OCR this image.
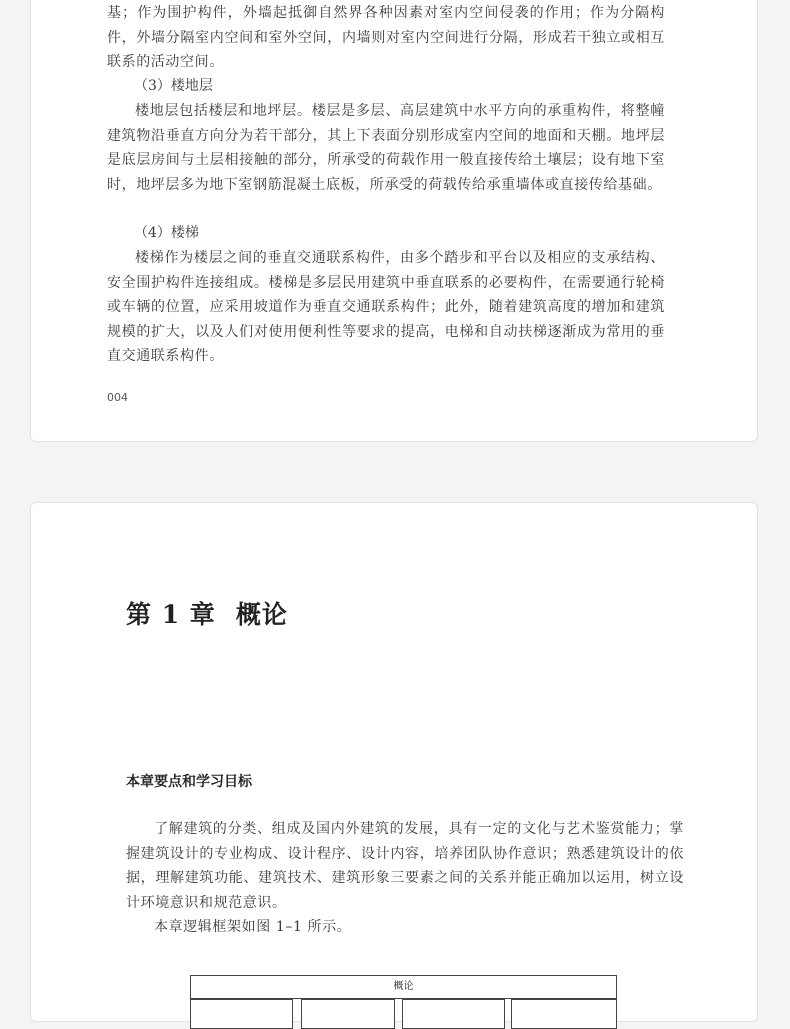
基；作为围护构件，外墙起抵御自然界各种因素对室内空间侵袭的作用；作为分隔构件，外墙分隔室内空间和室外空间，内墙则对室内空间进行分隔，形成若干独立或相互联系的活动空间。

（3）楼地层

楼地层包括楼层和地坪层。楼层是多层、高层建筑中水平方向的承重构件，将整幢建筑物沿垂直方向分为若干部分，其上下表面分别形成室内空间的地面和天棚。地坪层是底层房间与土层相接触的部分，所承受的荷载作用一般直接传给土壤层；设有地下室时，地坪层多为地下室钢筋混凝土底板，所承受的荷载传给承重墙体或直接传给基础。

（4）楼梯

楼梯作为楼层之间的垂直交通联系构件，由多个踏步和平台以及相应的支承结构、安全围护构件连接组成。楼梯是多层民用建筑中垂直联系的必要构件，在需要通行轮椅或车辆的位置，应采用坡道作为垂直交通联系构件；此外，随着建筑高度的增加和建筑规模的扩大，以及人们对使用便利性等要求的提高，电梯和自动扶梯逐渐成为常用的垂直交通联系构件。

004
第 1 章 概论
本章要点和学习目标

了解建筑的分类、组成及国内外建筑的发展，具有一定的文化与艺术鉴赏能力；掌握建筑设计的专业构成、设计程序、设计内容，培养团队协作意识；熟悉建筑设计的依据，理解建筑功能、建筑技术、建筑形象三要素之间的关系并能正确加以运用，树立设计环境意识和规范意识。

本章逻辑框架如图 1–1 所示。

概论
